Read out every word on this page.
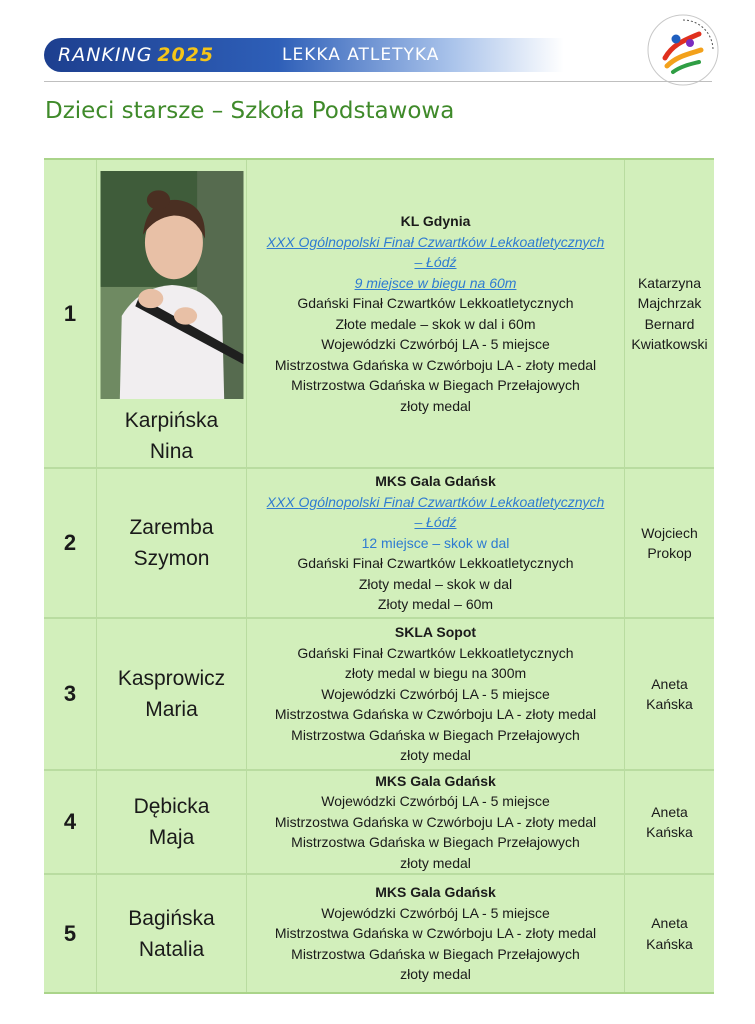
RANKING  2025	LEKKA ATLETYKA
Dzieci starsze – Szkoła Podstawowa
1
Karpińska
Nina
KL Gdynia
XXX Ogólnopolski Finał Czwartków Lekkoatletycznych
– Łódź
9 miejsce w biegu na 60m
Gdański Finał Czwartków Lekkoatletycznych
Złote medale – skok w dal i 60m
Wojewódzki Czwórbój LA - 5 miejsce
Mistrzostwa Gdańska w Czwórboju LA - złoty medal
Mistrzostwa Gdańska w Biegach Przełajowych
złoty medal
Katarzyna
Majchrzak
Bernard
Kwiatkowski
2
Zaremba
Szymon
MKS Gala Gdańsk
XXX Ogólnopolski Finał Czwartków Lekkoatletycznych
– Łódź
12 miejsce – skok w dal
Gdański Finał Czwartków Lekkoatletycznych
Złoty medal – skok w dal
Złoty medal – 60m
Wojciech
Prokop
3
Kasprowicz
Maria
SKLA Sopot
Gdański Finał Czwartków Lekkoatletycznych
złoty medal w biegu na 300m
Wojewódzki Czwórbój LA - 5 miejsce
Mistrzostwa Gdańska w Czwórboju LA - złoty medal
Mistrzostwa Gdańska w Biegach Przełajowych
złoty medal
Aneta
Kańska
4
Dębicka
Maja
MKS Gala Gdańsk
Wojewódzki Czwórbój LA - 5 miejsce
Mistrzostwa Gdańska w Czwórboju LA - złoty medal
Mistrzostwa Gdańska w Biegach Przełajowych
złoty medal
Aneta
Kańska
5
Bagińska
Natalia
MKS Gala Gdańsk
Wojewódzki Czwórbój LA - 5 miejsce
Mistrzostwa Gdańska w Czwórboju LA - złoty medal
Mistrzostwa Gdańska w Biegach Przełajowych
złoty medal
Aneta
Kańska
